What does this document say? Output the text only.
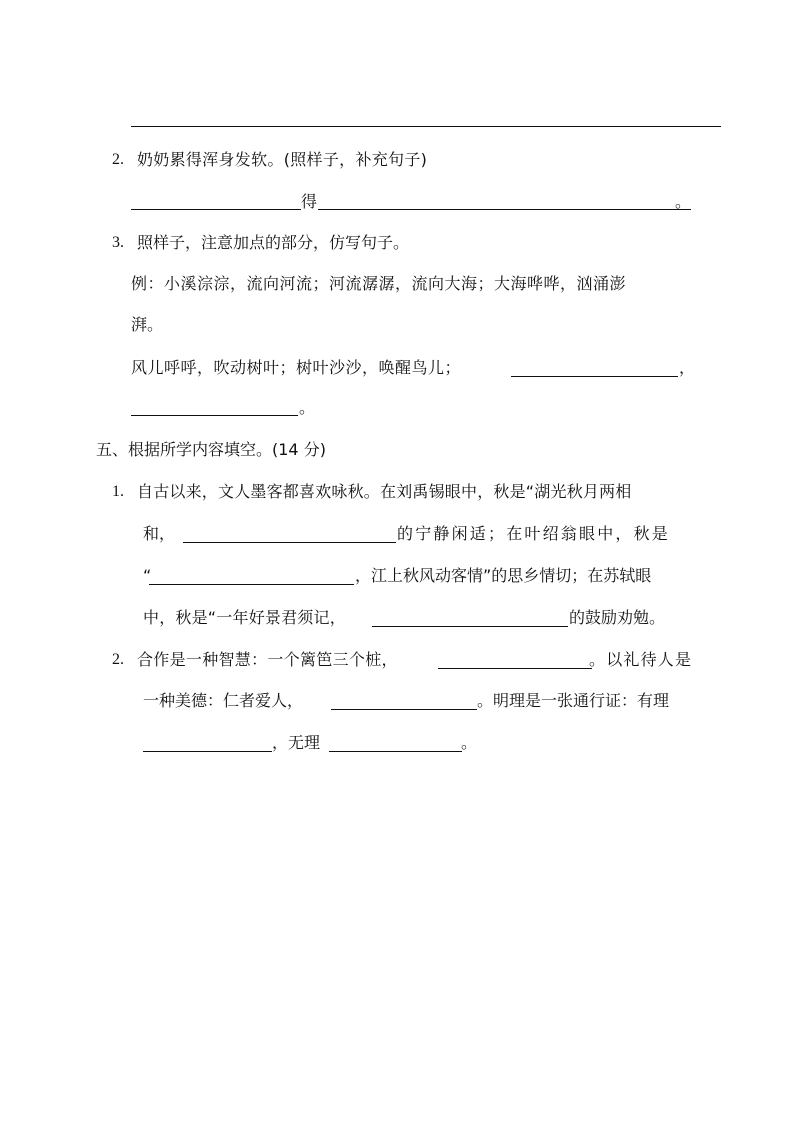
2. 奶奶累得浑身发软。(照样子，补充句子)
得	。
3. 照样子，注意加点的部分，仿写句子。
例：小溪淙淙，流向河流；河流潺潺，流向大海；大海哗哗，汹涌澎
湃。
风儿呼呼，吹动树叶；树叶沙沙，唤醒鸟儿；	，
。
五、根据所学内容填空。(14 分)
1. 自古以来，文人墨客都喜欢咏秋。在刘禹锡眼中，秋是“湖光秋月两相
和，	的宁静闲适；在叶绍翁眼中，秋是
“	，江上秋风动客情”的思乡情切；在苏轼眼
中，秋是“一年好景君须记，	的鼓励劝勉。
2. 合作是一种智慧：一个篱笆三个桩，	。以礼待人是
一种美德：仁者爱人，	。明理是一张通行证：有理
，无理	。
